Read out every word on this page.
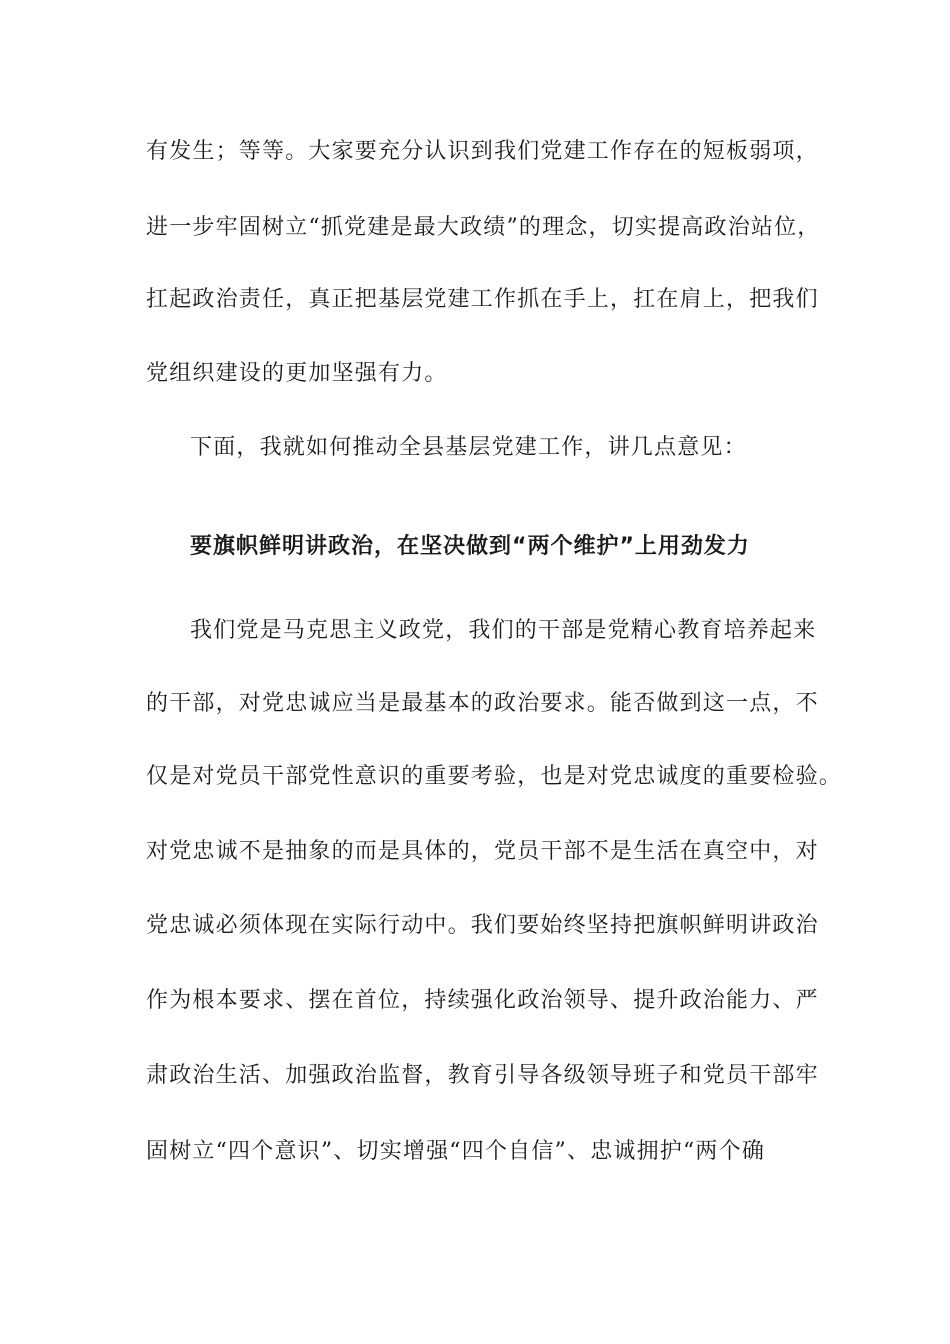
有发生；等等。大家要充分认识到我们党建工作存在的短板弱项，
进一步牢固树立“抓党建是最大政绩”的理念，切实提高政治站位，
扛起政治责任，真正把基层党建工作抓在手上，扛在肩上，把我们
党组织建设的更加坚强有力。
下面，我就如何推动全县基层党建工作，讲几点意见：
要旗帜鲜明讲政治，在坚决做到“两个维护”上用劲发力
我们党是马克思主义政党，我们的干部是党精心教育培养起来
的干部，对党忠诚应当是最基本的政治要求。能否做到这一点，不
仅是对党员干部党性意识的重要考验，也是对党忠诚度的重要检验。
对党忠诚不是抽象的而是具体的，党员干部不是生活在真空中，对
党忠诚必须体现在实际行动中。我们要始终坚持把旗帜鲜明讲政治
作为根本要求、摆在首位，持续强化政治领导、提升政治能力、严
肃政治生活、加强政治监督，教育引导各级领导班子和党员干部牢
固树立“四个意识”、切实增强“四个自信”、忠诚拥护“两个确
